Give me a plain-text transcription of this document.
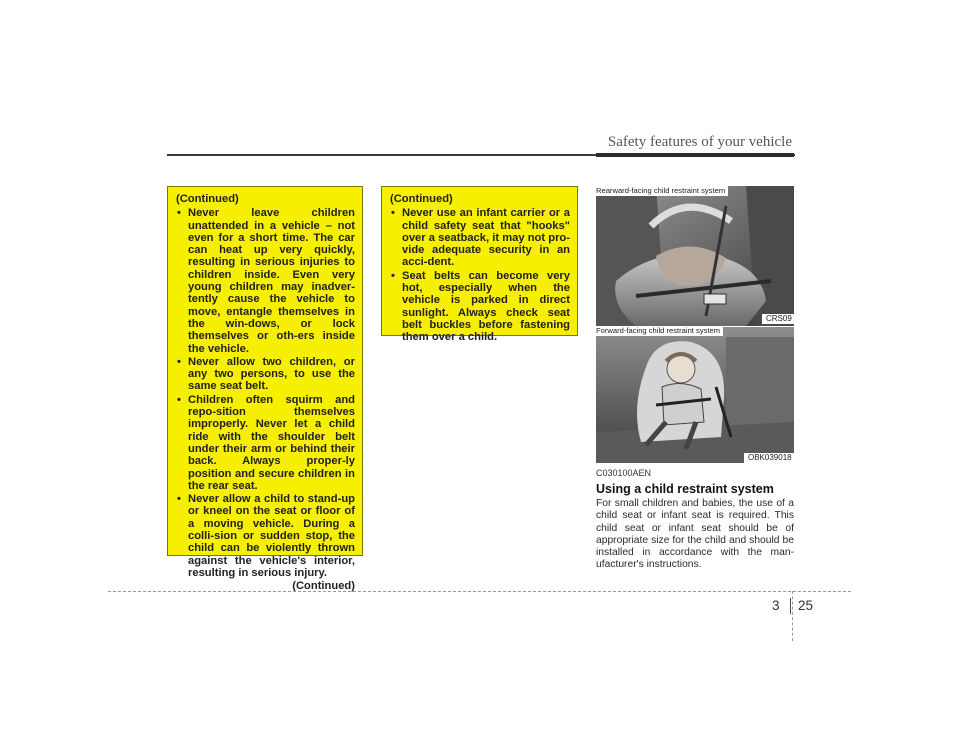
Safety features of your vehicle
(Continued)
• Never leave children unattended in a vehicle – not even for a short time. The car can heat up very quickly, resulting in serious injuries to children inside. Even very young children may inadver-tently cause the vehicle to move, entangle themselves in the win-dows, or lock themselves or oth-ers inside the vehicle.
• Never allow two children, or any two persons, to use the same seat belt.
• Children often squirm and repo-sition themselves improperly. Never let a child ride with the shoulder belt under their arm or behind their back. Always proper-ly position and secure children in the rear seat.
• Never allow a child to stand-up or kneel on the seat or floor of a moving vehicle. During a colli-sion or sudden stop, the child can be violently thrown against the vehicle's interior, resulting in serious injury.
(Continued)
(Continued)
• Never use an infant carrier or a child safety seat that "hooks" over a seatback, it may not pro-vide adequate security in an acci-dent.
• Seat belts can become very hot, especially when the vehicle is parked in direct sunlight. Always check seat belt buckles before fastening them over a child.
Rearward-facing child restraint system
CRS09
Forward-facing child restraint system
OBK039018
C030100AEN
Using a child restraint system
For small children and babies, the use of a child seat or infant seat is required. This child seat or infant seat should be of appropriate size for the child and should be installed in accordance with the man-ufacturer's instructions.
3 25
